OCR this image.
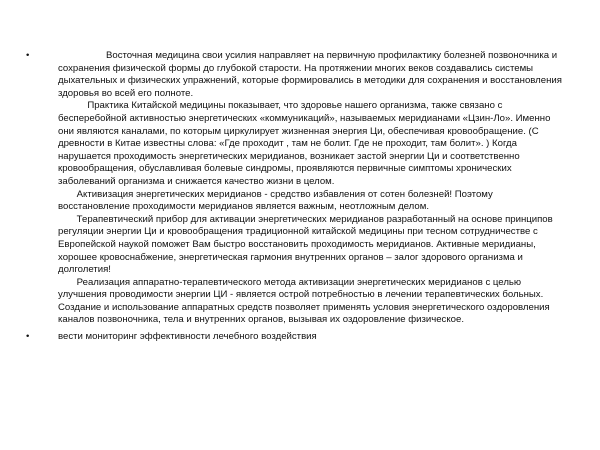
•	Восточная медицина свои усилия направляет на первичную профилактику болезней позвоночника и сохранения физической формы до глубокой старости. На протяжении многих веков создавались системы дыхательных и физических упражнений, которые формировались в методики для сохранения и восстановления здоровья во всей его полноте.
Практика Китайской медицины показывает, что здоровье нашего организма, также связано с бесперебойной активностью энергетических «коммуникаций», называемых меридианами «Цзин-Ло». Именно они являются каналами, по которым циркулирует жизненная энергия Ци, обеспечивая кровообращение. (С древности в Китае известны слова: «Где проходит , там не болит. Где не проходит, там болит». ) Когда нарушается проходимость энергетических меридианов, возникает застой энергии Ци и соответственно кровообращения, обуславливая болевые синдромы, проявляются первичные симптомы хронических заболеваний организма и снижается качество жизни в целом.
Активизация энергетических меридианов - средство избавления от сотен болезней! Поэтому восстановление проходимости меридианов является важным, неотложным делом.
Терапевтический прибор для активации энергетических меридианов разработанный на основе принципов регуляции энергии Ци и кровообращения традиционной китайской медицины при тесном сотрудничестве с Европейской наукой поможет Вам быстро восстановить проходимость меридианов. Активные меридианы, хорошее кровоснабжение, энергетическая гармония внутренних органов – залог здорового организма и долголетия!
Реализация аппаратно-терапевтического метода активизации энергетических меридианов с целью улучшения проводимости энергии ЦИ - является острой потребностью в лечении терапевтических больных. Создание и использование аппаратных средств позволяет применять условия энергетического оздоровления каналов позвоночника, тела и внутренних органов, вызывая их оздоровление физическое.
•	вести мониторинг эффективности лечебного воздействия
